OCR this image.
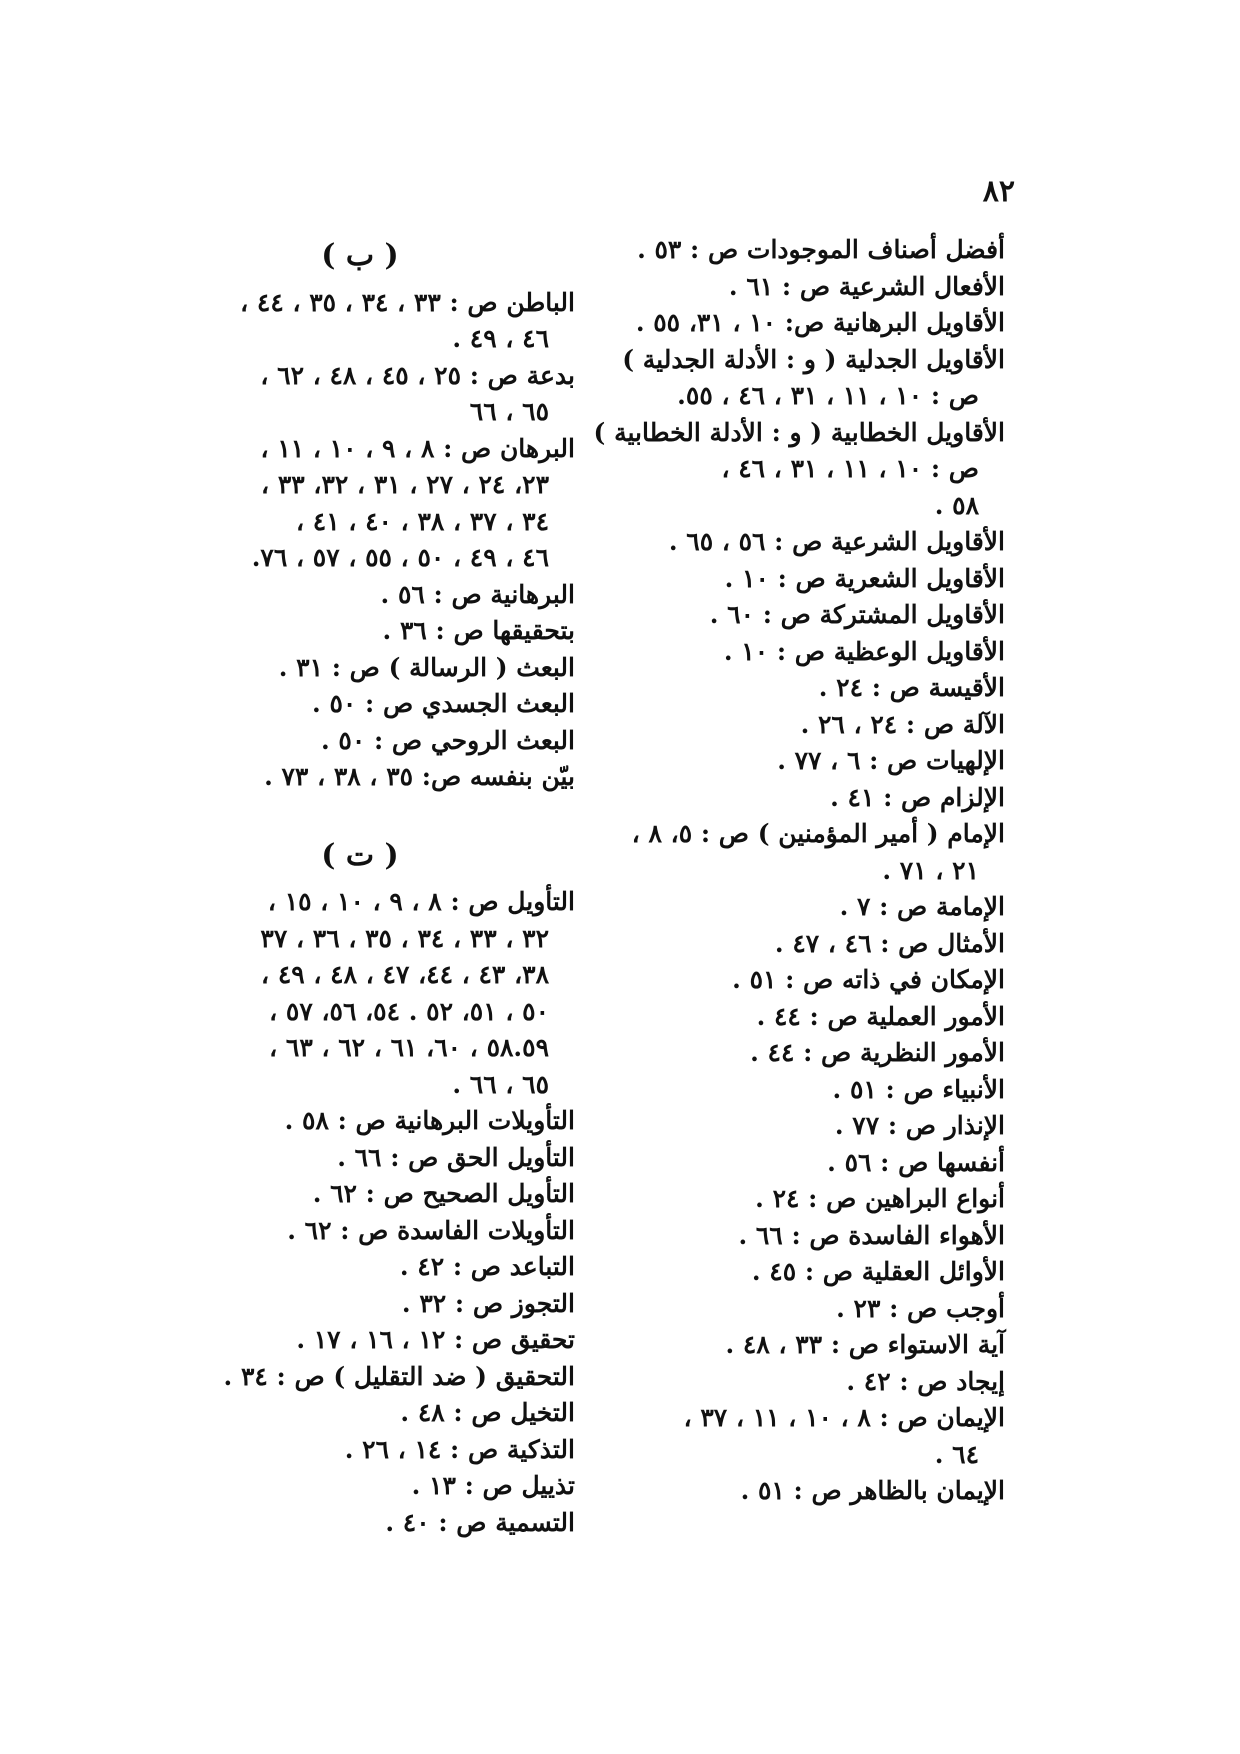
٨٢
أفضل أصناف الموجودات ص : ٥٣ .
الأفعال الشرعية ص : ٦١ .
الأقاويل البرهانية ص: ١٠ ، ٣١، ٥٥ .
الأقاويل الجدلية ( و : الأدلة الجدلية )
ص : ١٠ ، ١١ ، ٣١ ، ٤٦ ، ٥٥.
الأقاويل الخطابية ( و : الأدلة الخطابية )
ص : ١٠ ، ١١ ، ٣١ ، ٤٦ ،
٥٨ .
الأقاويل الشرعية ص : ٥٦ ، ٦٥ .
الأقاويل الشعرية ص : ١٠ .
الأقاويل المشتركة ص : ٦٠ .
الأقاويل الوعظية ص : ١٠ .
الأقيسة ص : ٢٤ .
الآلة ص : ٢٤ ، ٢٦ .
الإلهيات ص : ٦ ، ٧٧ .
الإلزام ص : ٤١ .
الإمام ( أمير المؤمنين ) ص : ٥، ٨ ،
٢١ ، ٧١ .
الإمامة ص : ٧ .
الأمثال ص : ٤٦ ، ٤٧ .
الإمكان في ذاته ص : ٥١ .
الأمور العملية ص : ٤٤ .
الأمور النظرية ص : ٤٤ .
الأنبياء ص : ٥١ .
الإنذار ص : ٧٧ .
أنفسها ص : ٥٦ .
أنواع البراهين ص : ٢٤ .
الأهواء الفاسدة ص : ٦٦ .
الأوائل العقلية ص : ٤٥ .
أوجب ص : ٢٣ .
آية الاستواء ص : ٣٣ ، ٤٨ .
إيجاد ص : ٤٢ .
الإيمان ص : ٨ ، ١٠ ، ١١ ، ٣٧ ،
٦٤ .
الإيمان بالظاهر ص : ٥١ .
( ب )
الباطن ص : ٣٣ ، ٣٤ ، ٣٥ ، ٤٤ ،
٤٦ ، ٤٩ .
بدعة ص : ٢٥ ، ٤٥ ، ٤٨ ، ٦٢ ،
٦٥ ، ٦٦
البرهان ص : ٨ ، ٩ ، ١٠ ، ١١ ،
٢٣، ٢٤ ، ٢٧ ، ٣١ ، ٣٢، ٣٣ ،
٣٤ ، ٣٧ ، ٣٨ ، ٤٠ ، ٤١ ،
٤٦ ، ٤٩ ، ٥٠ ، ٥٥ ، ٥٧ ، ٧٦.
البرهانية ص : ٥٦ .
بتحقيقها ص : ٣٦ .
البعث ( الرسالة ) ص : ٣١ .
البعث الجسدي ص : ٥٠ .
البعث الروحي ص : ٥٠ .
بيّن بنفسه ص: ٣٥ ، ٣٨ ، ٧٣ .
( ت )
التأويل ص : ٨ ، ٩ ، ١٠ ، ١٥ ،
٣٢ ، ٣٣ ، ٣٤ ، ٣٥ ، ٣٦ ، ٣٧
٣٨، ٤٣ ، ٤٤، ٤٧ ، ٤٨ ، ٤٩ ،
٥٠ ، ٥١، ٥٢ . ٥٤، ٥٦، ٥٧ ،
٥٨.٥٩ ، ٦٠، ٦١ ، ٦٢ ، ٦٣ ،
٦٥ ، ٦٦ .
التأويلات البرهانية ص : ٥٨ .
التأويل الحق ص : ٦٦ .
التأويل الصحيح ص : ٦٢ .
التأويلات الفاسدة ص : ٦٢ .
التباعد ص : ٤٢ .
التجوز ص : ٣٢ .
تحقيق ص : ١٢ ، ١٦ ، ١٧ .
التحقيق ( ضد التقليل ) ص : ٣٤ .
التخيل ص : ٤٨ .
التذكية ص : ١٤ ، ٢٦ .
تذييل ص : ١٣ .
التسمية ص : ٤٠ .
